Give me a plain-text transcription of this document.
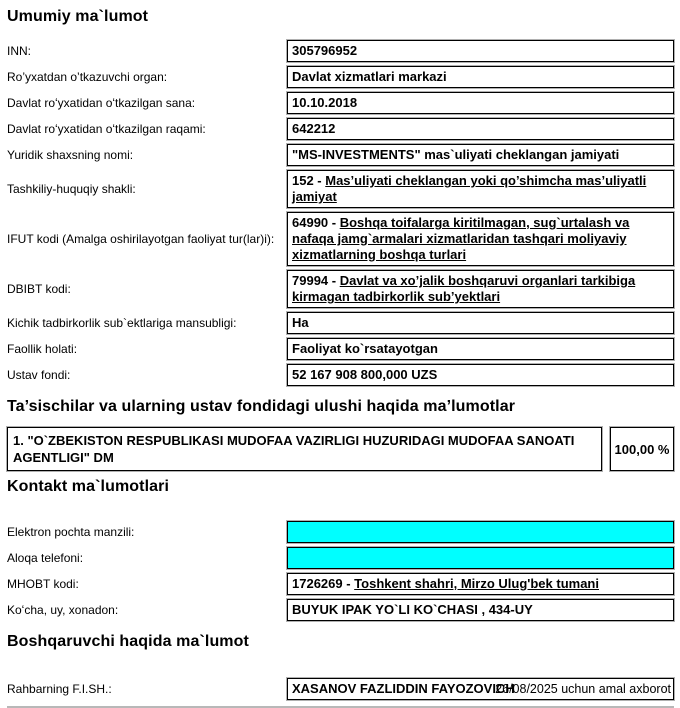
Umumiy ma`lumot
INN:	305796952
Ro’yxatdan o’tkazuvchi organ:	Davlat xizmatlari markazi
Davlat roʻyxatidan oʻtkazilgan sana:	10.10.2018
Davlat roʻyxatidan oʻtkazilgan raqami:	642212
Yuridik shaxsning nomi:	"MS-INVESTMENTS" mas`uliyati cheklangan jamiyati
Tashkiliy-huquqiy shakli:
152 - Mas’uliyati cheklangan yoki qo’shimcha mas’uliyatli jamiyat
IFUT kodi (Amalga oshirilayotgan faoliyat tur(lar)i):
64990 - Boshqa toifalarga kiritilmagan, sug`urtalash va nafaqa jamg`armalari xizmatlaridan tashqari moliyaviy xizmatlarning boshqa turlari
DBIBT kodi:
79994 - Davlat va xo’jalik boshqaruvi organlari tarkibiga kirmagan tadbirkorlik sub’yektlari
Kichik tadbirkorlik sub`ektlariga mansubligi:	Ha
Faollik holati:	Faoliyat ko`rsatayotgan
Ustav fondi:	52 167 908 800,000 UZS
Ta’sischilar va ularning ustav fondidagi ulushi haqida ma’lumotlar
1. "O`ZBEKISTON RESPUBLIKASI MUDOFAA VAZIRLIGI HUZURIDAGI MUDOFAA SANOATI AGENTLIGI" DM
100,00 %
Kontakt ma`lumotlari
Elektron pochta manzili:
Aloqa telefoni:
MHOBT kodi:	1726269 - Toshkent shahri, Mirzo Ulug'bek tumani
Koʻcha, uy, xonadon:	BUYUK IPAK YO`LI KO`CHASI , 434-UY
Boshqaruvchi haqida ma`lumot
Rahbarning F.I.SH.:	XASANOV FAZLIDDIN FAYOZOVICH
26/08/2025 uchun amal axborot
